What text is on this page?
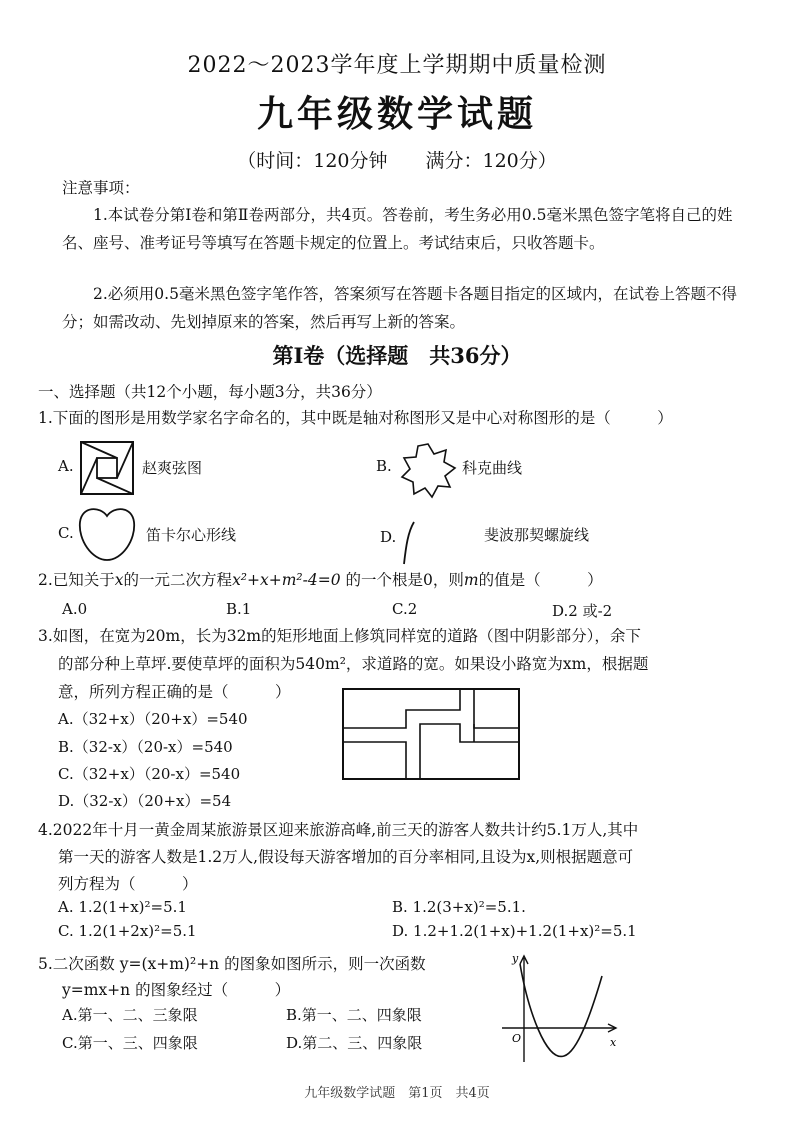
2022～2023学年度上学期期中质量检测
九年级数学试题
（时间：120分钟　　满分：120分）
注意事项：
1.本试卷分第Ⅰ卷和第Ⅱ卷两部分，共4页。答卷前，考生务必用0.5毫米黑色签字笔将自己的姓名、座号、准考证号等填写在答题卡规定的位置上。考试结束后，只收答题卡。
2.必须用0.5毫米黑色签字笔作答，答案须写在答题卡各题目指定的区域内，在试卷上答题不得分；如需改动、先划掉原来的答案，然后再写上新的答案。
第Ⅰ卷（选择题　共36分）
一、选择题（共12个小题，每小题3分，共36分）
1.下面的图形是用数学家名字命名的，其中既是轴对称图形又是中心对称图形的是（　　　）
A.	赵爽弦图	B.	科克曲线
C.	笛卡尔心形线	D.	斐波那契螺旋线
2.已知关于x的一元二次方程x²+x+m²-4=0 的一个根是0，则m的值是（　　　）
A.0	B.1	C.2	D.2 或-2
3.如图，在宽为20m，长为32m的矩形地面上修筑同样宽的道路（图中阴影部分），余下
的部分种上草坪.要使草坪的面积为540m²，求道路的宽。如果设小路宽为xm，根据题
意，所列方程正确的是（　　　）
A.（32+x）（20+x）=540
B.（32-x）（20-x）=540
C.（32+x）（20-x）=540
D.（32-x）（20+x）=54
4.2022年十月一黄金周某旅游景区迎来旅游高峰,前三天的游客人数共计约5.1万人,其中
第一天的游客人数是1.2万人,假设每天游客增加的百分率相同,且设为x,则根据题意可
列方程为（　　　）
A. 1.2(1+x)²=5.1	B. 1.2(3+x)²=5.1.
C. 1.2(1+2x)²=5.1	D. 1.2+1.2(1+x)+1.2(1+x)²=5.1
5.二次函数 y=(x+m)²+n 的图象如图所示，则一次函数
y=mx+n 的图象经过（　　　）
A.第一、二、三象限	B.第一、二、四象限
C.第一、三、四象限	D.第二、三、四象限
y
x
O
九年级数学试题　第1页　共4页
